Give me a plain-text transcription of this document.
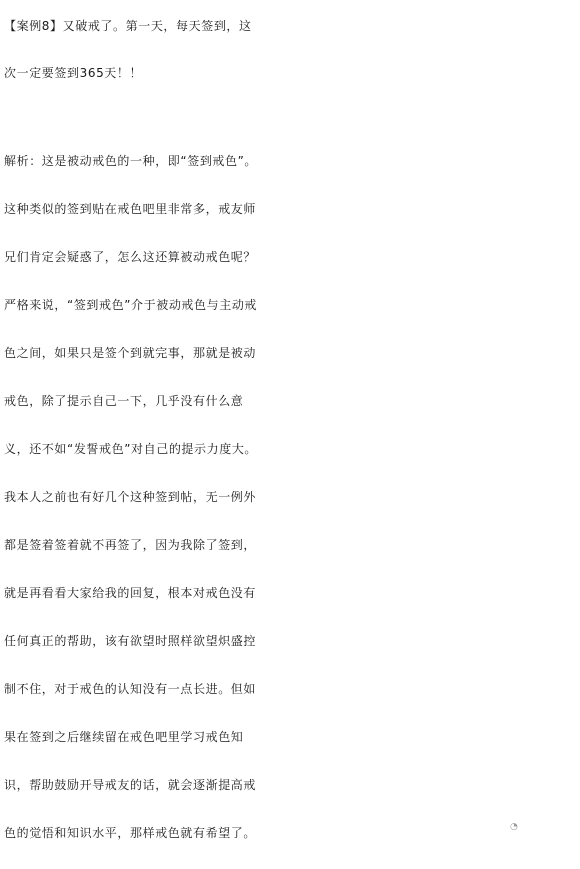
【案例8】又破戒了。第一天，每天签到，这
次一定要签到365天！！
解析：这是被动戒色的一种，即“签到戒色”。
这种类似的签到贴在戒色吧里非常多，戒友师
兄们肯定会疑惑了，怎么这还算被动戒色呢？
严格来说，“签到戒色”介于被动戒色与主动戒
色之间，如果只是签个到就完事，那就是被动
戒色，除了提示自己一下，几乎没有什么意
义，还不如“发誓戒色”对自己的提示力度大。
我本人之前也有好几个这种签到帖，无一例外
都是签着签着就不再签了，因为我除了签到，
就是再看看大家给我的回复，根本对戒色没有
任何真正的帮助，该有欲望时照样欲望炽盛控
制不住，对于戒色的认知没有一点长进。但如
果在签到之后继续留在戒色吧里学习戒色知
识，帮助鼓励开导戒友的话，就会逐渐提高戒
色的觉悟和知识水平，那样戒色就有希望了。	◔
